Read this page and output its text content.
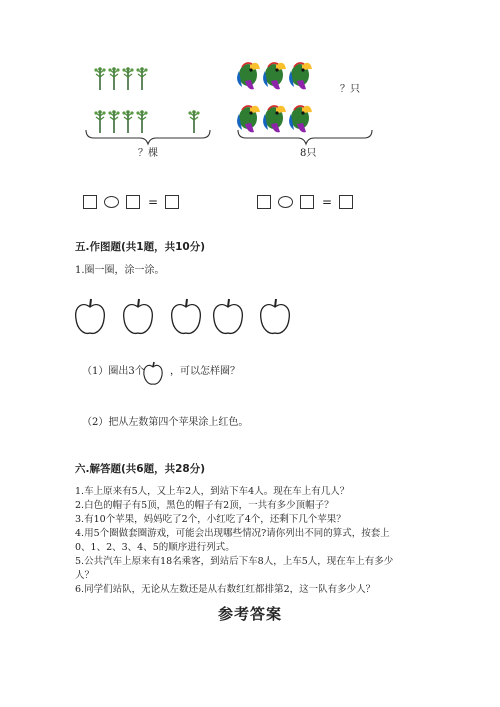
？棵
？只
8只
=	=
五.作图题(共1题，共10分)
1.圈一圈，涂一涂。
（1）圈出3个	，可以怎样圈？
（2）把从左数第四个苹果涂上红色。
六.解答题(共6题，共28分)
1.车上原来有5人，又上车2人，到站下车4人。现在车上有几人？
2.白色的帽子有5顶，黑色的帽子有2顶，一共有多少顶帽子？
3.有10个苹果，妈妈吃了2个，小红吃了4个，还剩下几个苹果？
4.用5个圈做套圈游戏，可能会出现哪些情况?请你列出不同的算式，按套上
0、1、2、3、4、5的顺序进行列式。
5.公共汽车上原来有18名乘客，到站后下车8人，上车5人，现在车上有多少
人？
6.同学们站队，无论从左数还是从右数红红都排第2，这一队有多少人？
参考答案
